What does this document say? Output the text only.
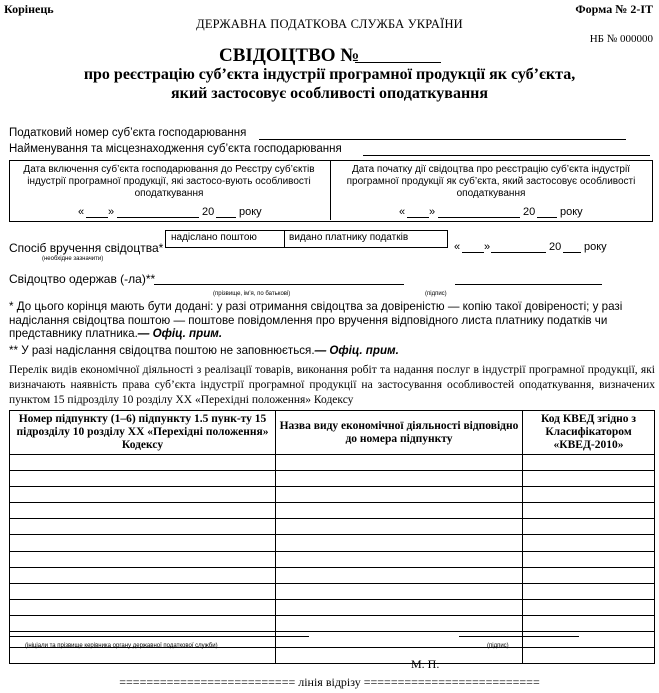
Корінець	Форма № 2-ІТ
ДЕРЖАВНА ПОДАТКОВА СЛУЖБА УКРАЇНИ
НБ № 000000
СВІДОЦТВО №
про реєстрацію суб’єкта індустрії програмної продукції як суб’єкта,
який застосовує особливості оподаткування
Податковий номер суб’єкта господарювання
Найменування та місцезнаходження суб’єкта господарювання
Дата включення суб’єкта господарювання до Реєстру суб’єктів індустрії програмної продукції, які застосо-вують особливості оподаткування
Дата початку дії свідоцтва про реєстрацію суб’єкта індустрії програмної продукції як суб’єкта, який застосовує особливості оподаткування
« »	20 року	« »	20 року
Спосіб вручення свідоцтва*
(необхідне зазначити)
надіслано поштою	видано платнику податків
« »	20 року
Свідоцтво одержав (-ла)**
(прізвище, ім’я, по батькові)	(підпис)
* До цього корінця мають бути додані: у разі отримання свідоцтва за довіреністю — копію такої довіреності; у разі надіслання свідоцтва поштою — поштове повідомлення про вручення відповідного листа платнику податків чи представнику платника.— Офіц. прим.
** У разі надіслання свідоцтва поштою не заповнюється.— Офіц. прим.
Перелік видів економічної діяльності з реалізації товарів, виконання робіт та надання послуг в індустрії програмної продукції, які визначають наявність права суб’єкта індустрії програмної продукції на застосування особливостей оподаткування, визначених пунктом 15 підрозділу 10 розділу XX «Перехідні положення» Кодексу
Номер підпункту (1–6) підпункту 1.5 пунк-ту 15 підрозділу 10 розділу XX «Перехідні положення» Кодексу	Назва виду економічної діяльності відповідно до номера підпункту	Код КВЕД згідно з Класифікатором «КВЕД-2010»

(ініціали та прізвище керівника органу державної податкової служби)	(підпис)
М. П.
========================== лінія відрізу ==========================
